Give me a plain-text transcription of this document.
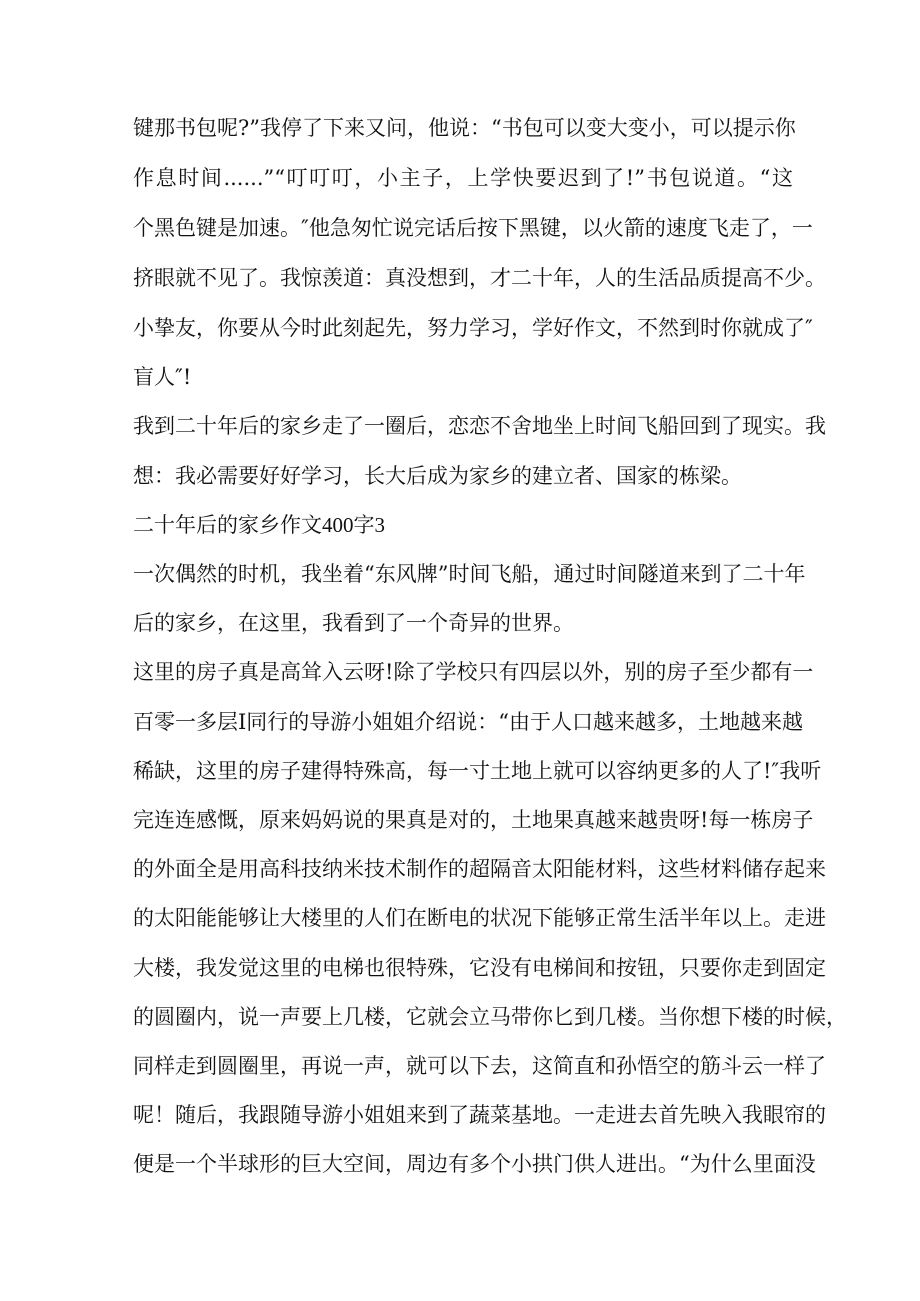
键那书包呢?”我停了下来又问，他说：“书包可以变大变小，可以提示你
作息时间......”“叮叮叮，小主子，上学快要迟到了!”书包说道。“这
个黑色键是加速。″他急匆忙说完话后按下黑键，以火箭的速度飞走了，一
挤眼就不见了。我惊羡道：真没想到，才二十年，人的生活品质提高不少。
小挚友，你要从今时此刻起先，努力学习，学好作文，不然到时你就成了″
盲人″!
我到二十年后的家乡走了一圈后，恋恋不舍地坐上时间飞船回到了现实。我
想：我必需要好好学习，长大后成为家乡的建立者、国家的栋梁。
二十年后的家乡作文400字3
一次偶然的时机，我坐着“东风牌”时间飞船，通过时间隧道来到了二十年
后的家乡，在这里，我看到了一个奇异的世界。
这里的房子真是高耸入云呀!除了学校只有四层以外，别的房子至少都有一
百零一多层I同行的导游小姐姐介绍说：“由于人口越来越多，土地越来越
稀缺，这里的房子建得特殊高，每一寸土地上就可以容纳更多的人了!″我听
完连连感慨，原来妈妈说的果真是对的，土地果真越来越贵呀!每一栋房子
的外面全是用高科技纳米技术制作的超隔音太阳能材料，这些材料储存起来
的太阳能能够让大楼里的人们在断电的状况下能够正常生活半年以上。走进
大楼，我发觉这里的电梯也很特殊，它没有电梯间和按钮，只要你走到固定
的圆圈内，说一声要上几楼，它就会立马带你匕到几楼。当你想下楼的时候，
同样走到圆圈里，再说一声，就可以下去，这简直和孙悟空的筋斗云一样了
呢！随后，我跟随导游小姐姐来到了蔬菜基地。一走进去首先映入我眼帘的
便是一个半球形的巨大空间，周边有多个小拱门供人进出。“为什么里面没
